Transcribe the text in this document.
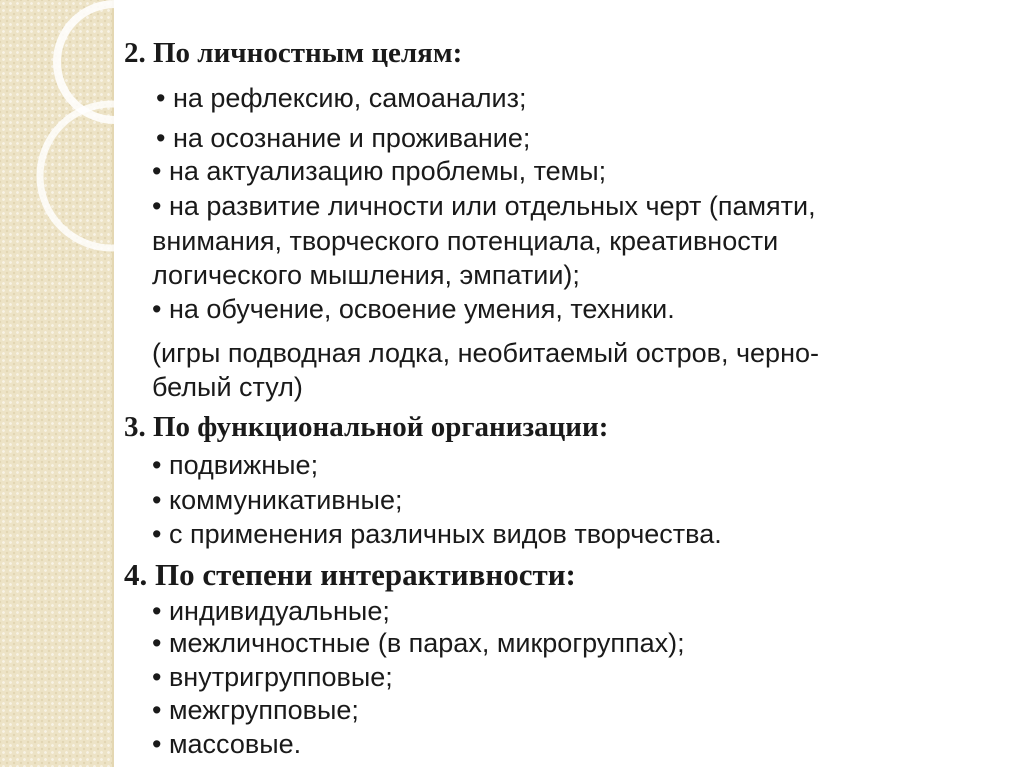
2. По личностным целям:
• на рефлексию, самоанализ;
• на осознание и проживание;
• на актуализацию проблемы, темы;
• на развитие личности или отдельных черт (памяти,
внимания, творческого потенциала, креативности
логического мышления, эмпатии);
• на обучение, освоение умения, техники.
(игры подводная лодка, необитаемый остров, черно-
белый стул)
3. По функциональной организации:
• подвижные;
• коммуникативные;
• с применения различных видов творчества.
4. По степени интерактивности:
• индивидуальные;
• межличностные (в парах, микрогруппах);
• внутригрупповые;
• межгрупповые;
• массовые.
